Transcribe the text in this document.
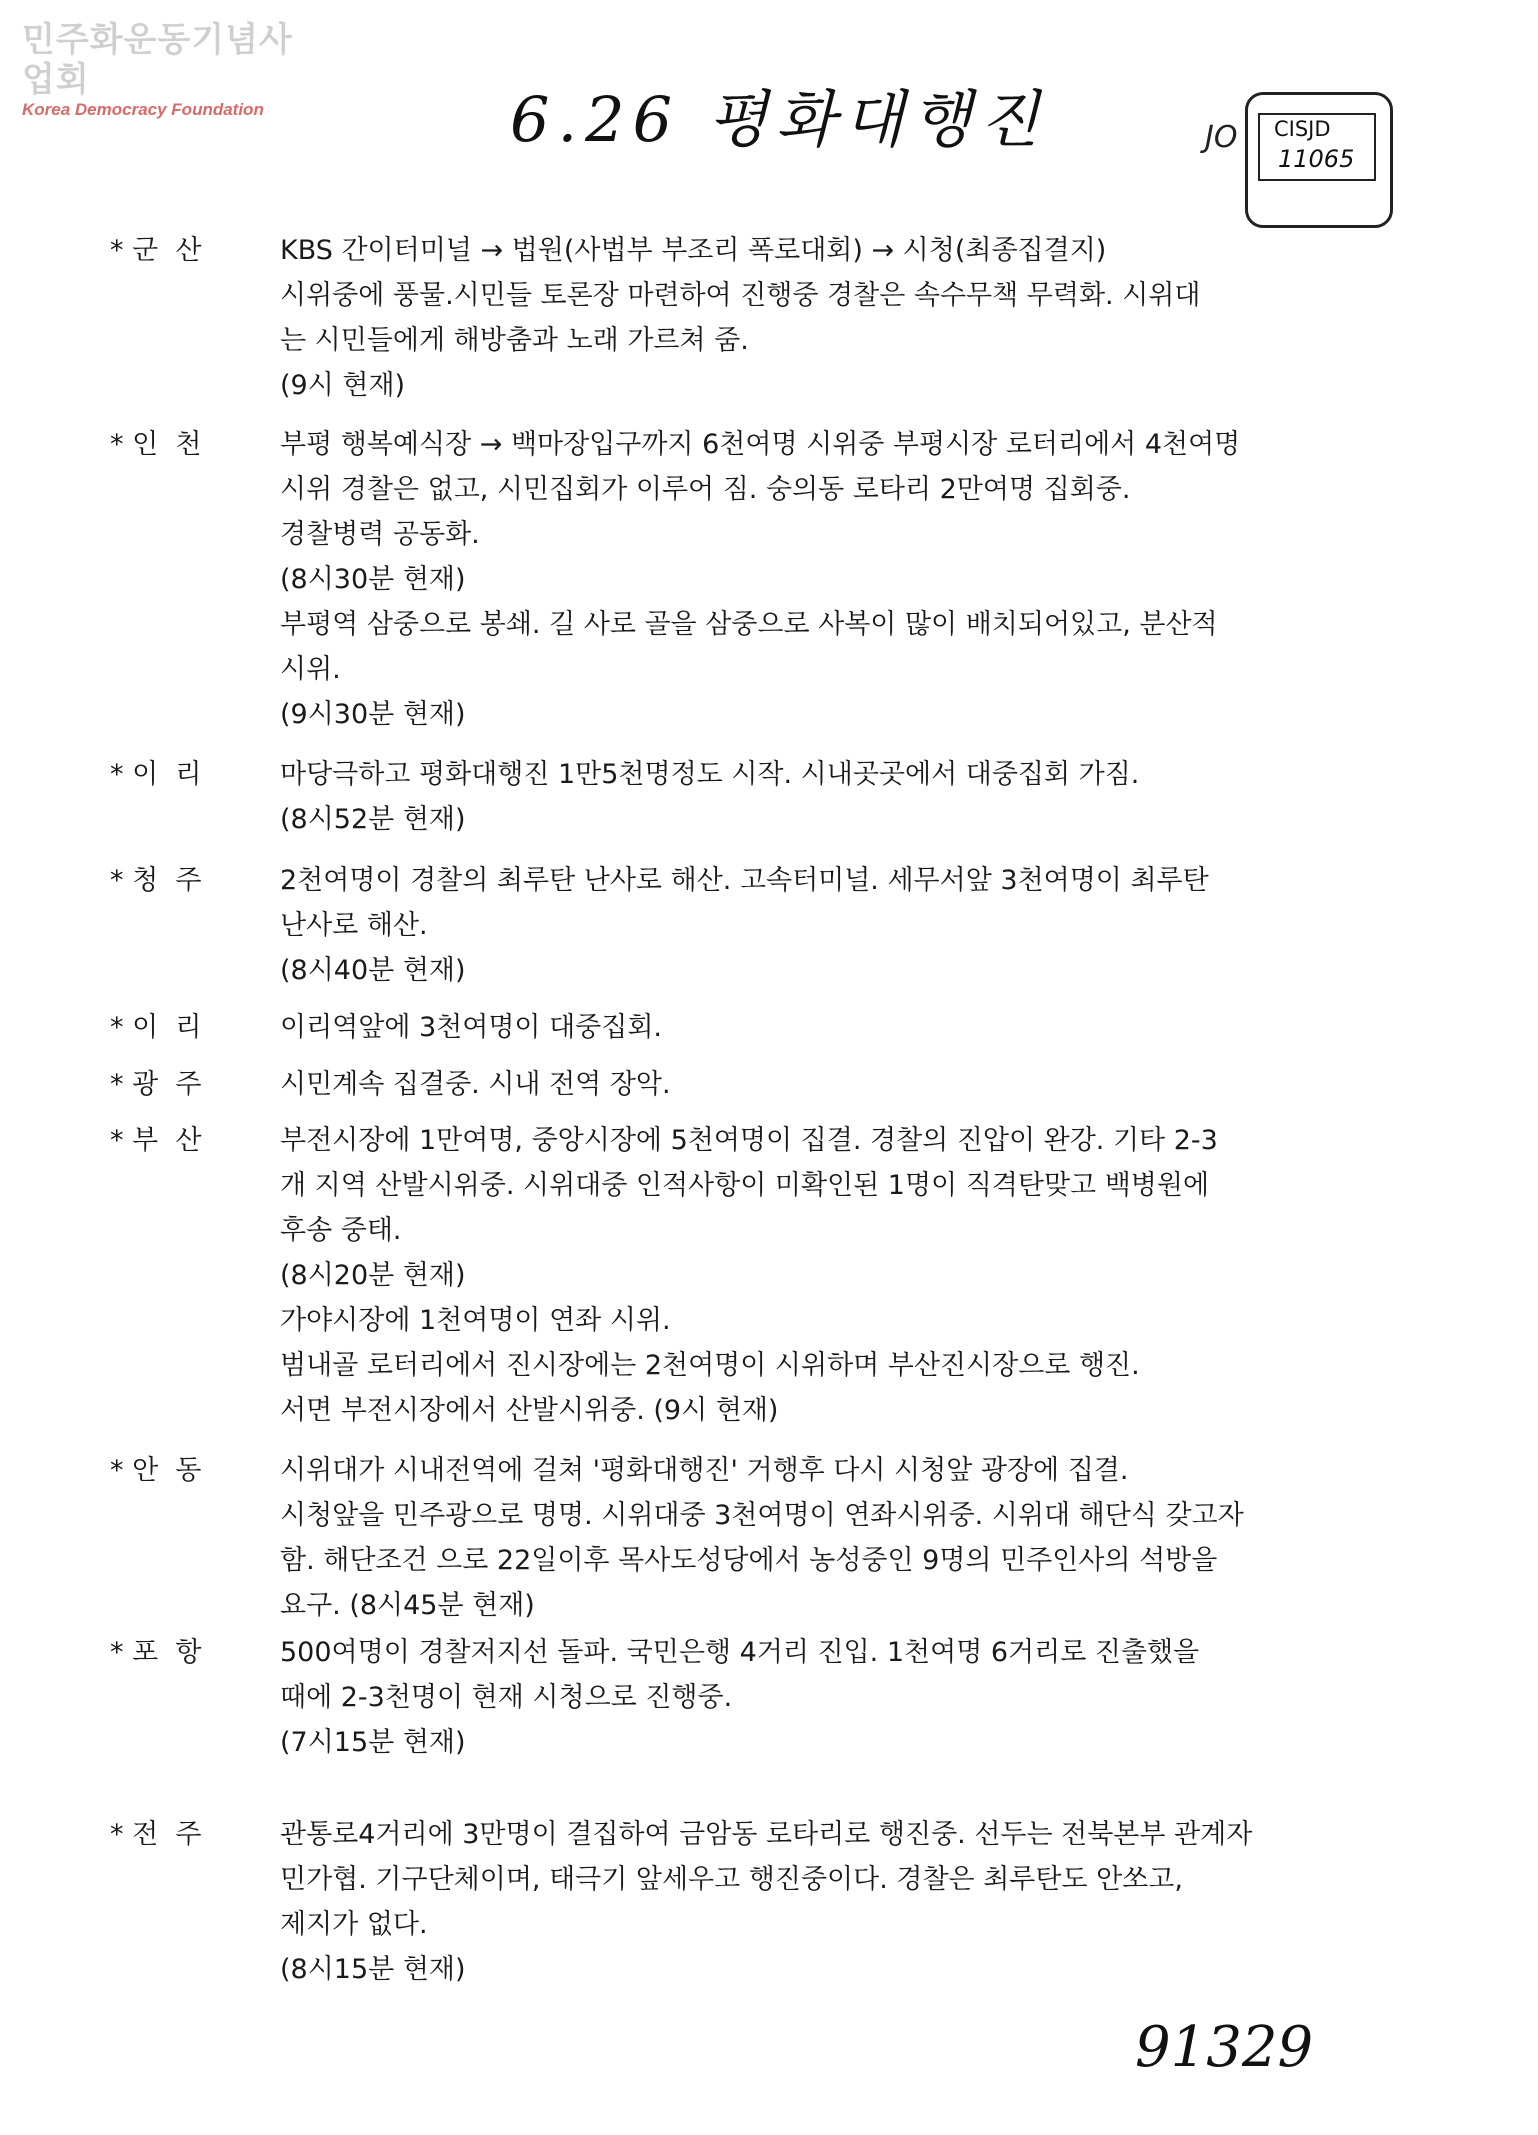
민주화운동기념사업회
Korea Democracy Foundation	6.26 평화대행진	JO CISJD
11065
* 군  산	KBS 간이터미널 → 법원(사법부 부조리 폭로대회) → 시청(최종집결지)
시위중에 풍물.시민들 토론장 마련하여 진행중 경찰은 속수무책 무력화. 시위대
는 시민들에게 해방춤과 노래 가르쳐 줌.
(9시 현재)
* 인  천	부평 행복예식장 → 백마장입구까지 6천여명 시위중 부평시장 로터리에서 4천여명
시위 경찰은 없고, 시민집회가 이루어 짐. 숭의동 로타리 2만여명 집회중.
경찰병력 공동화.
(8시30분 현재)
부평역 삼중으로 봉쇄. 길 사로 골을 삼중으로 사복이 많이 배치되어있고, 분산적
시위.
(9시30분 현재)
* 이  리	마당극하고 평화대행진 1만5천명정도 시작. 시내곳곳에서 대중집회 가짐.
(8시52분 현재)
* 청  주	2천여명이 경찰의 최루탄 난사로 해산. 고속터미널. 세무서앞 3천여명이 최루탄
난사로 해산.
(8시40분 현재)
* 이  리	이리역앞에 3천여명이 대중집회.
* 광  주	시민계속 집결중. 시내 전역 장악.
* 부  산	부전시장에 1만여명, 중앙시장에 5천여명이 집결. 경찰의 진압이 완강. 기타 2-3
개 지역 산발시위중. 시위대중 인적사항이 미확인된 1명이 직격탄맞고 백병원에
후송 중태.
(8시20분 현재)
가야시장에 1천여명이 연좌 시위.
범내골 로터리에서 진시장에는 2천여명이 시위하며 부산진시장으로 행진.
서면 부전시장에서 산발시위중. (9시 현재)
* 안  동	시위대가 시내전역에 걸쳐 '평화대행진' 거행후 다시 시청앞 광장에 집결.
시청앞을 민주광으로 명명. 시위대중 3천여명이 연좌시위중. 시위대 해단식 갖고자
함. 해단조건 으로 22일이후 목사도성당에서 농성중인 9명의 민주인사의 석방을
요구. (8시45분 현재)
* 포  항	500여명이 경찰저지선 돌파. 국민은행 4거리 진입. 1천여명 6거리로 진출했을
때에 2-3천명이 현재 시청으로 진행중.
(7시15분 현재)
* 전  주	관통로4거리에 3만명이 결집하여 금암동 로타리로 행진중. 선두는 전북본부 관계자
민가협. 기구단체이며, 태극기 앞세우고 행진중이다. 경찰은 최루탄도 안쏘고,
제지가 없다.
(8시15분 현재)
91329
